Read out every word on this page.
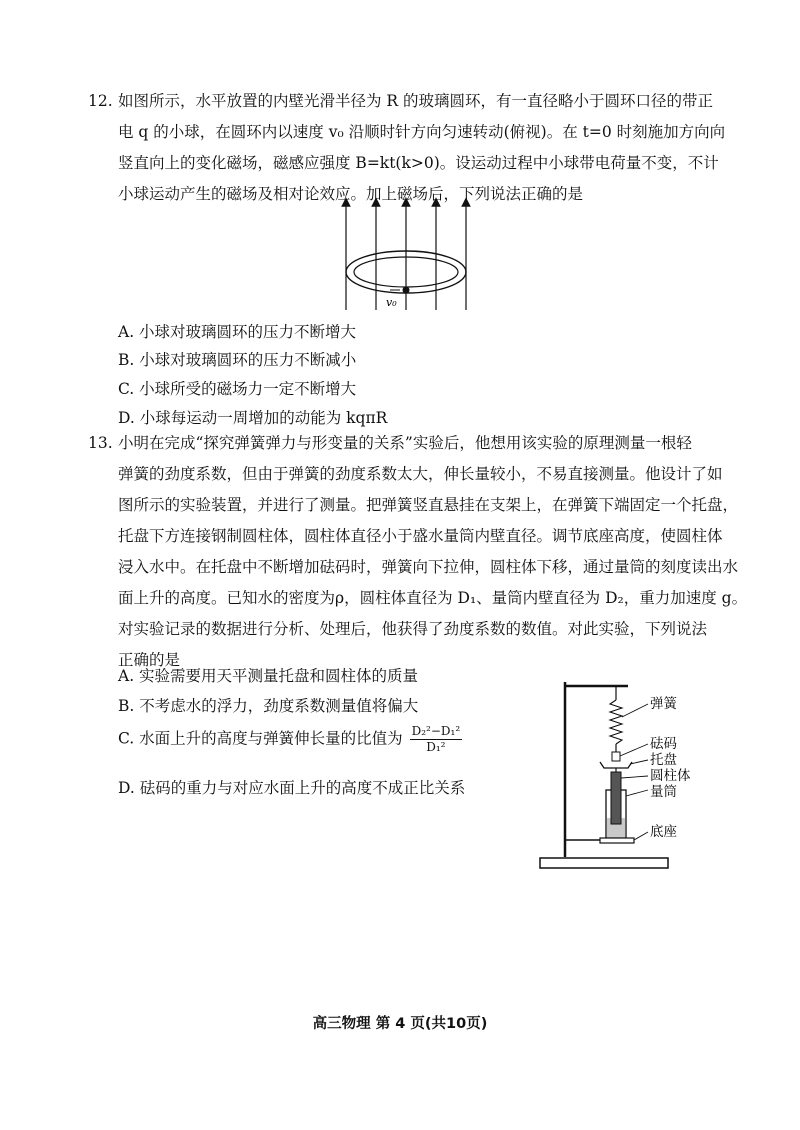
12. 如图所示，水平放置的内壁光滑半径为 R 的玻璃圆环，有一直径略小于圆环口径的带正
电 q 的小球，在圆环内以速度 v₀ 沿顺时针方向匀速转动(俯视)。在 t=0 时刻施加方向向
竖直向上的变化磁场，磁感应强度 B=kt(k>0)。设运动过程中小球带电荷量不变，不计
小球运动产生的磁场及相对论效应。加上磁场后，下列说法正确的是
v₀
A. 小球对玻璃圆环的压力不断增大
B. 小球对玻璃圆环的压力不断减小
C. 小球所受的磁场力一定不断增大
D. 小球每运动一周增加的动能为 kqπR
13. 小明在完成“探究弹簧弹力与形变量的关系”实验后，他想用该实验的原理测量一根轻
弹簧的劲度系数，但由于弹簧的劲度系数太大，伸长量较小，不易直接测量。他设计了如
图所示的实验装置，并进行了测量。把弹簧竖直悬挂在支架上，在弹簧下端固定一个托盘，
托盘下方连接钢制圆柱体，圆柱体直径小于盛水量筒内壁直径。调节底座高度，使圆柱体
浸入水中。在托盘中不断增加砝码时，弹簧向下拉伸，圆柱体下移，通过量筒的刻度读出水
面上升的高度。已知水的密度为ρ，圆柱体直径为 D₁、量筒内壁直径为 D₂，重力加速度 g。
对实验记录的数据进行分析、处理后，他获得了劲度系数的数值。对此实验，下列说法
正确的是
A. 实验需要用天平测量托盘和圆柱体的质量
B. 不考虑水的浮力，劲度系数测量值将偏大
C. 水面上升的高度与弹簧伸长量的比值为 $\frac{\text{D₂²−D₁²}}{\text{D₁²}}$
D. 砝码的重力与对应水面上升的高度不成正比关系
弹簧
砝码
托盘
圆柱体
量筒
底座
高三物理 第 4 页(共10页)
